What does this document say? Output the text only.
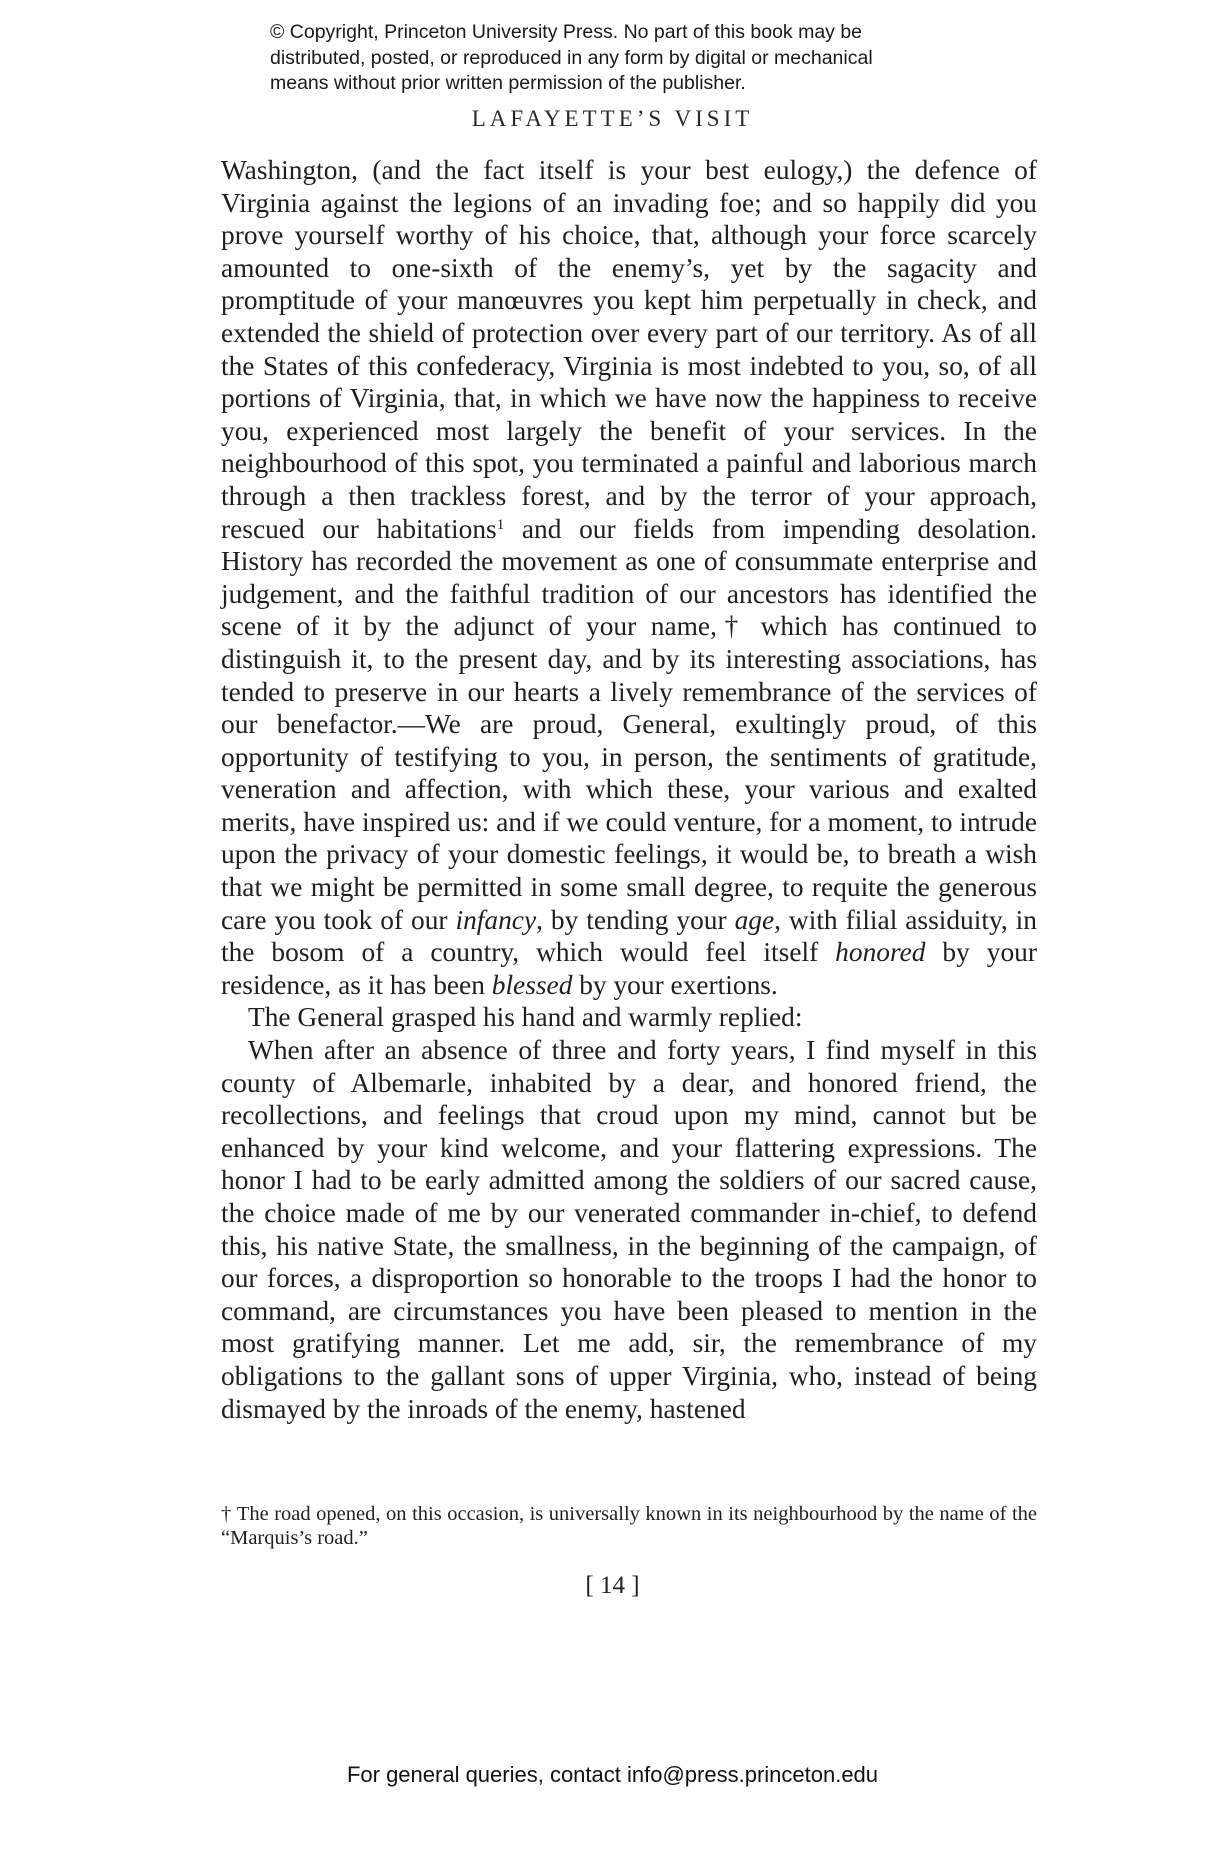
© Copyright, Princeton University Press. No part of this book may be
distributed, posted, or reproduced in any form by digital or mechanical
means without prior written permission of the publisher.
LAFAYETTE’S VISIT

Washington, (and the fact itself is your best eulogy,) the defence of Virginia against the legions of an invading foe; and so happily did you prove yourself worthy of his choice, that, although your force scarcely amounted to one-sixth of the enemy’s, yet by the sagacity and promptitude of your manœuvres you kept him perpetually in check, and extended the shield of protection over every part of our territory. As of all the States of this confederacy, Virginia is most indebted to you, so, of all portions of Virginia, that, in which we have now the happiness to receive you, experienced most largely the benefit of your services. In the neighbourhood of this spot, you terminated a painful and laborious march through a then trackless forest, and by the terror of your approach, rescued our habitations$^1$ and our fields from impending desolation. History has recorded the movement as one of consummate enterprise and judgement, and the faithful tradition of our ancestors has identified the scene of it by the adjunct of your name,† which has continued to distinguish it, to the present day, and by its interesting associations, has tended to preserve in our hearts a lively remembrance of the services of our benefactor.—We are proud, General, exultingly proud, of this opportunity of testifying to you, in person, the sentiments of gratitude, veneration and affection, with which these, your various and exalted merits, have inspired us: and if we could venture, for a moment, to intrude upon the privacy of your domestic feelings, it would be, to breath a wish that we might be permitted in some small degree, to requite the generous care you took of our infancy, by tending your age, with filial assiduity, in the bosom of a country, which would feel itself honored by your residence, as it has been blessed by your exertions.

The General grasped his hand and warmly replied:

When after an absence of three and forty years, I find myself in this county of Albemarle, inhabited by a dear, and honored friend, the recollections, and feelings that croud upon my mind, cannot but be enhanced by your kind welcome, and your flattering expressions. The honor I had to be early admitted among the soldiers of our sacred cause, the choice made of me by our venerated commander in-chief, to defend this, his native State, the smallness, in the beginning of the campaign, of our forces, a disproportion so honorable to the troops I had the honor to command, are circumstances you have been pleased to mention in the most gratifying manner. Let me add, sir, the remembrance of my obligations to the gallant sons of upper Virginia, who, instead of being dismayed by the inroads of the enemy, hastened

† The road opened, on this occasion, is universally known in its neighbourhood by the name of the “Marquis’s road.”
[ 14 ]
For general queries, contact info@press.princeton.edu
